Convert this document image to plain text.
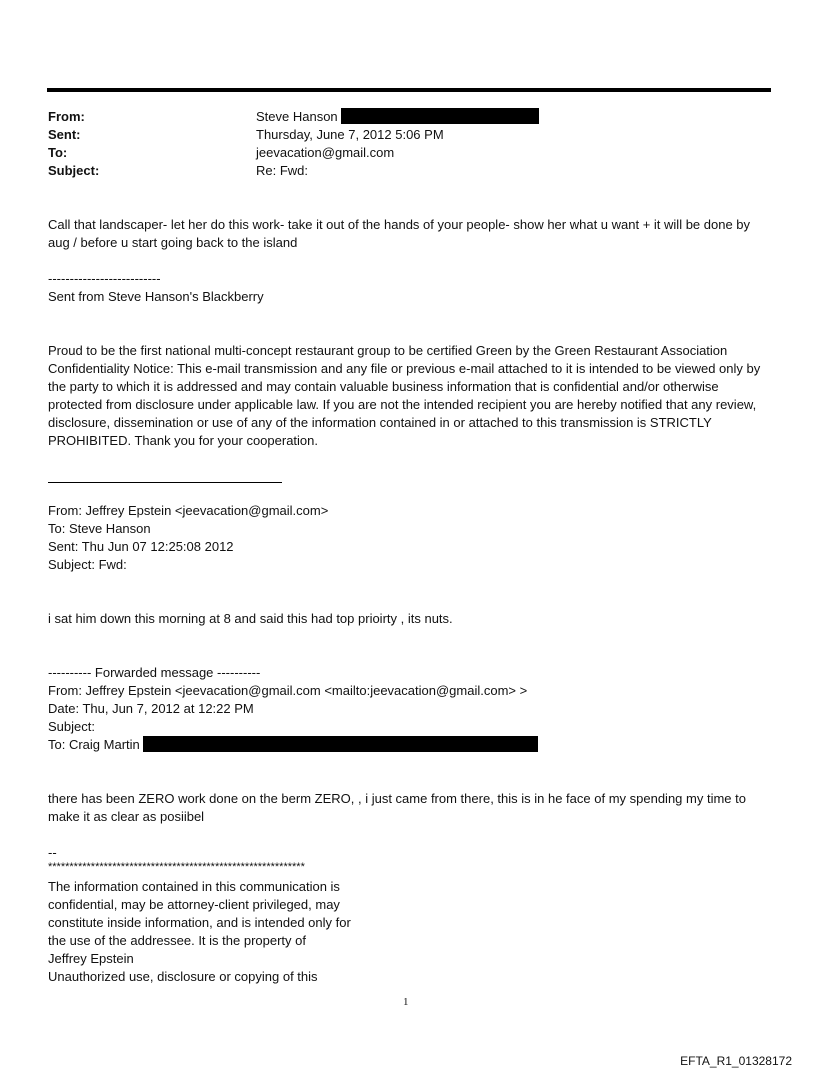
From:	Steve Hanson
Sent:	Thursday, June 7, 2012 5:06 PM
To:	jeevacation@gmail.com
Subject:	Re: Fwd:
Call that landscaper- let her do this work- take it out of the hands of your people- show her what u want + it will be done by aug / before u start going back to the island
--------------------------
Sent from Steve Hanson's Blackberry
Proud to be the first national multi-concept restaurant group to be certified Green by the Green Restaurant Association Confidentiality Notice: This e-mail transmission and any file or previous e-mail attached to it is intended to be viewed only by the party to which it is addressed and may contain valuable business information that is confidential and/or otherwise protected from disclosure under applicable law. If you are not the intended recipient you are hereby notified that any review, disclosure, dissemination or use of any of the information contained in or attached to this transmission is STRICTLY PROHIBITED. Thank you for your cooperation.
From: Jeffrey Epstein <jeevacation@gmail.com>
To: Steve Hanson
Sent: Thu Jun 07 12:25:08 2012
Subject: Fwd:
i sat him down this morning at 8 and said this had top prioirty , its nuts.
---------- Forwarded message ----------
From: Jeffrey Epstein <jeevacation@gmail.com <mailto:jeevacation@gmail.com> >
Date: Thu, Jun 7, 2012 at 12:22 PM
Subject:
To: Craig Martin
there has been ZERO work done on the berm ZERO, , i just came from there, this is in he face of my spending my time to make it as clear as posiibel
--
************************************************************
The information contained in this communication is
confidential, may be attorney-client privileged, may
constitute inside information, and is intended only for
the use of the addressee. It is the property of
Jeffrey Epstein
Unauthorized use, disclosure or copying of this
1
EFTA_R1_01328172
